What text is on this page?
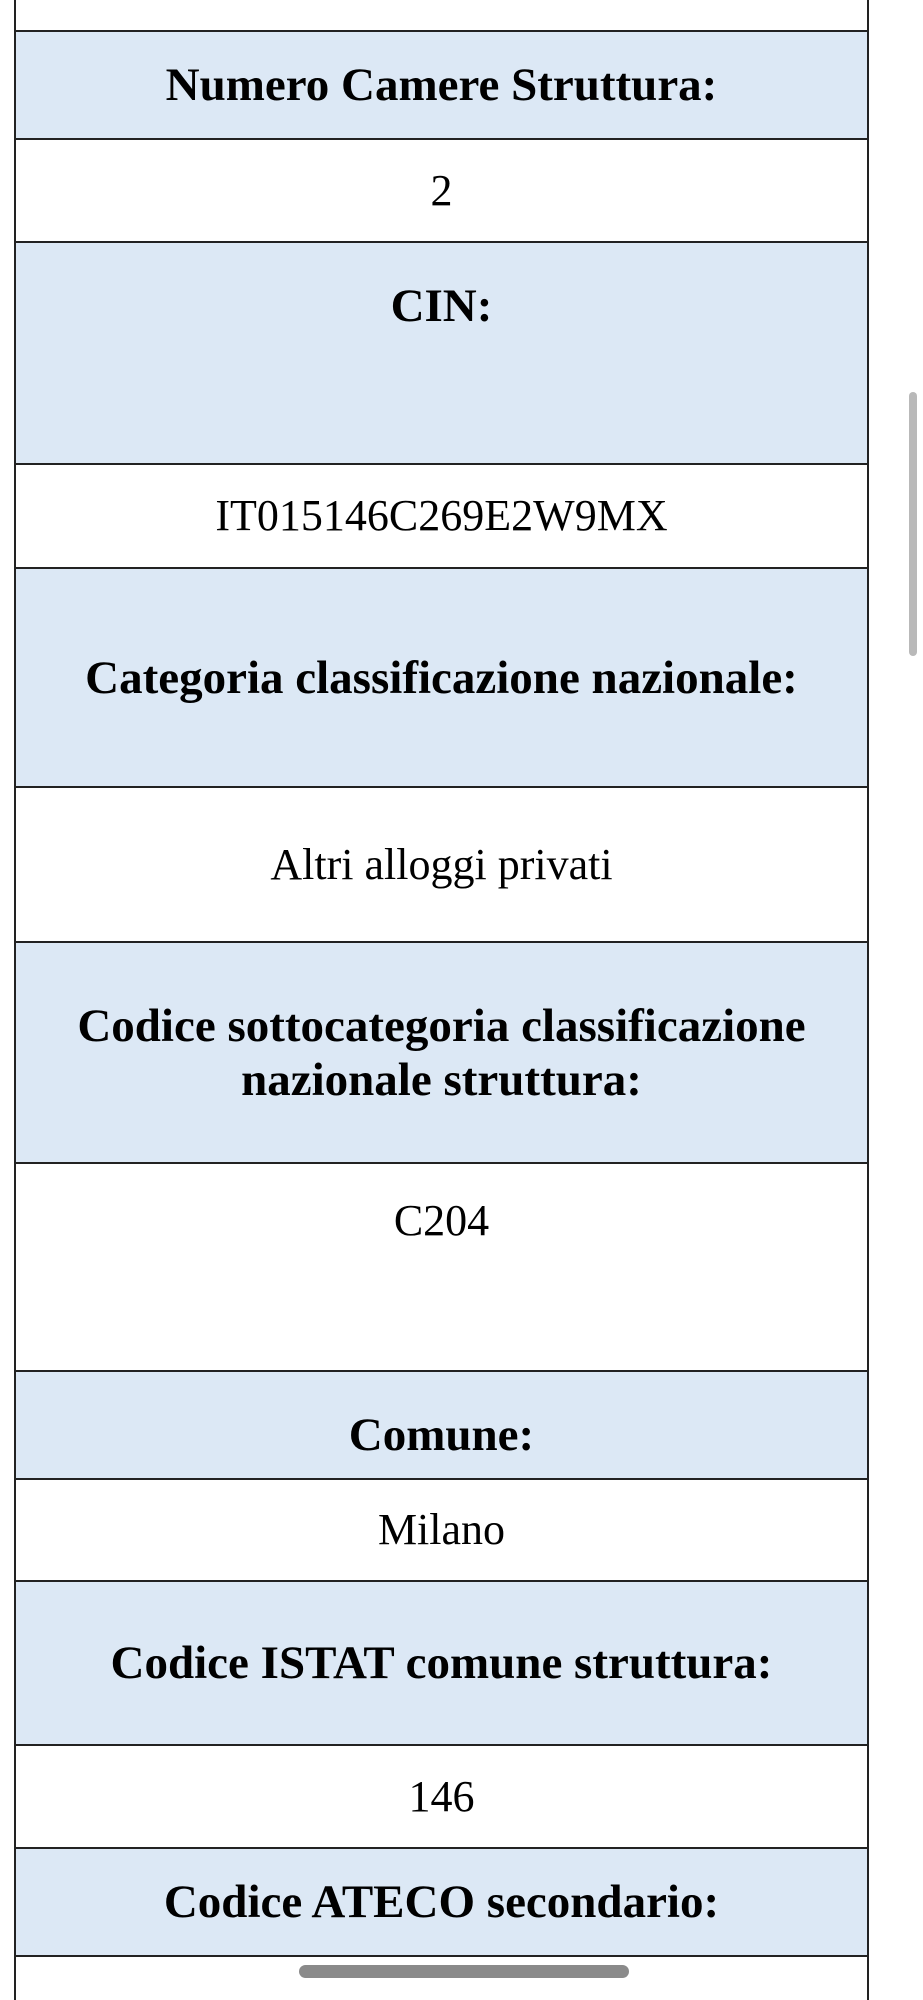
Numero Camere Struttura:
2
CIN:
IT015146C269E2W9MX
Categoria classificazione nazionale:
Altri alloggi privati
Codice sottocategoria classificazione nazionale struttura:
C204
Comune:
Milano
Codice ISTAT comune struttura:
146
Codice ATECO secondario:
